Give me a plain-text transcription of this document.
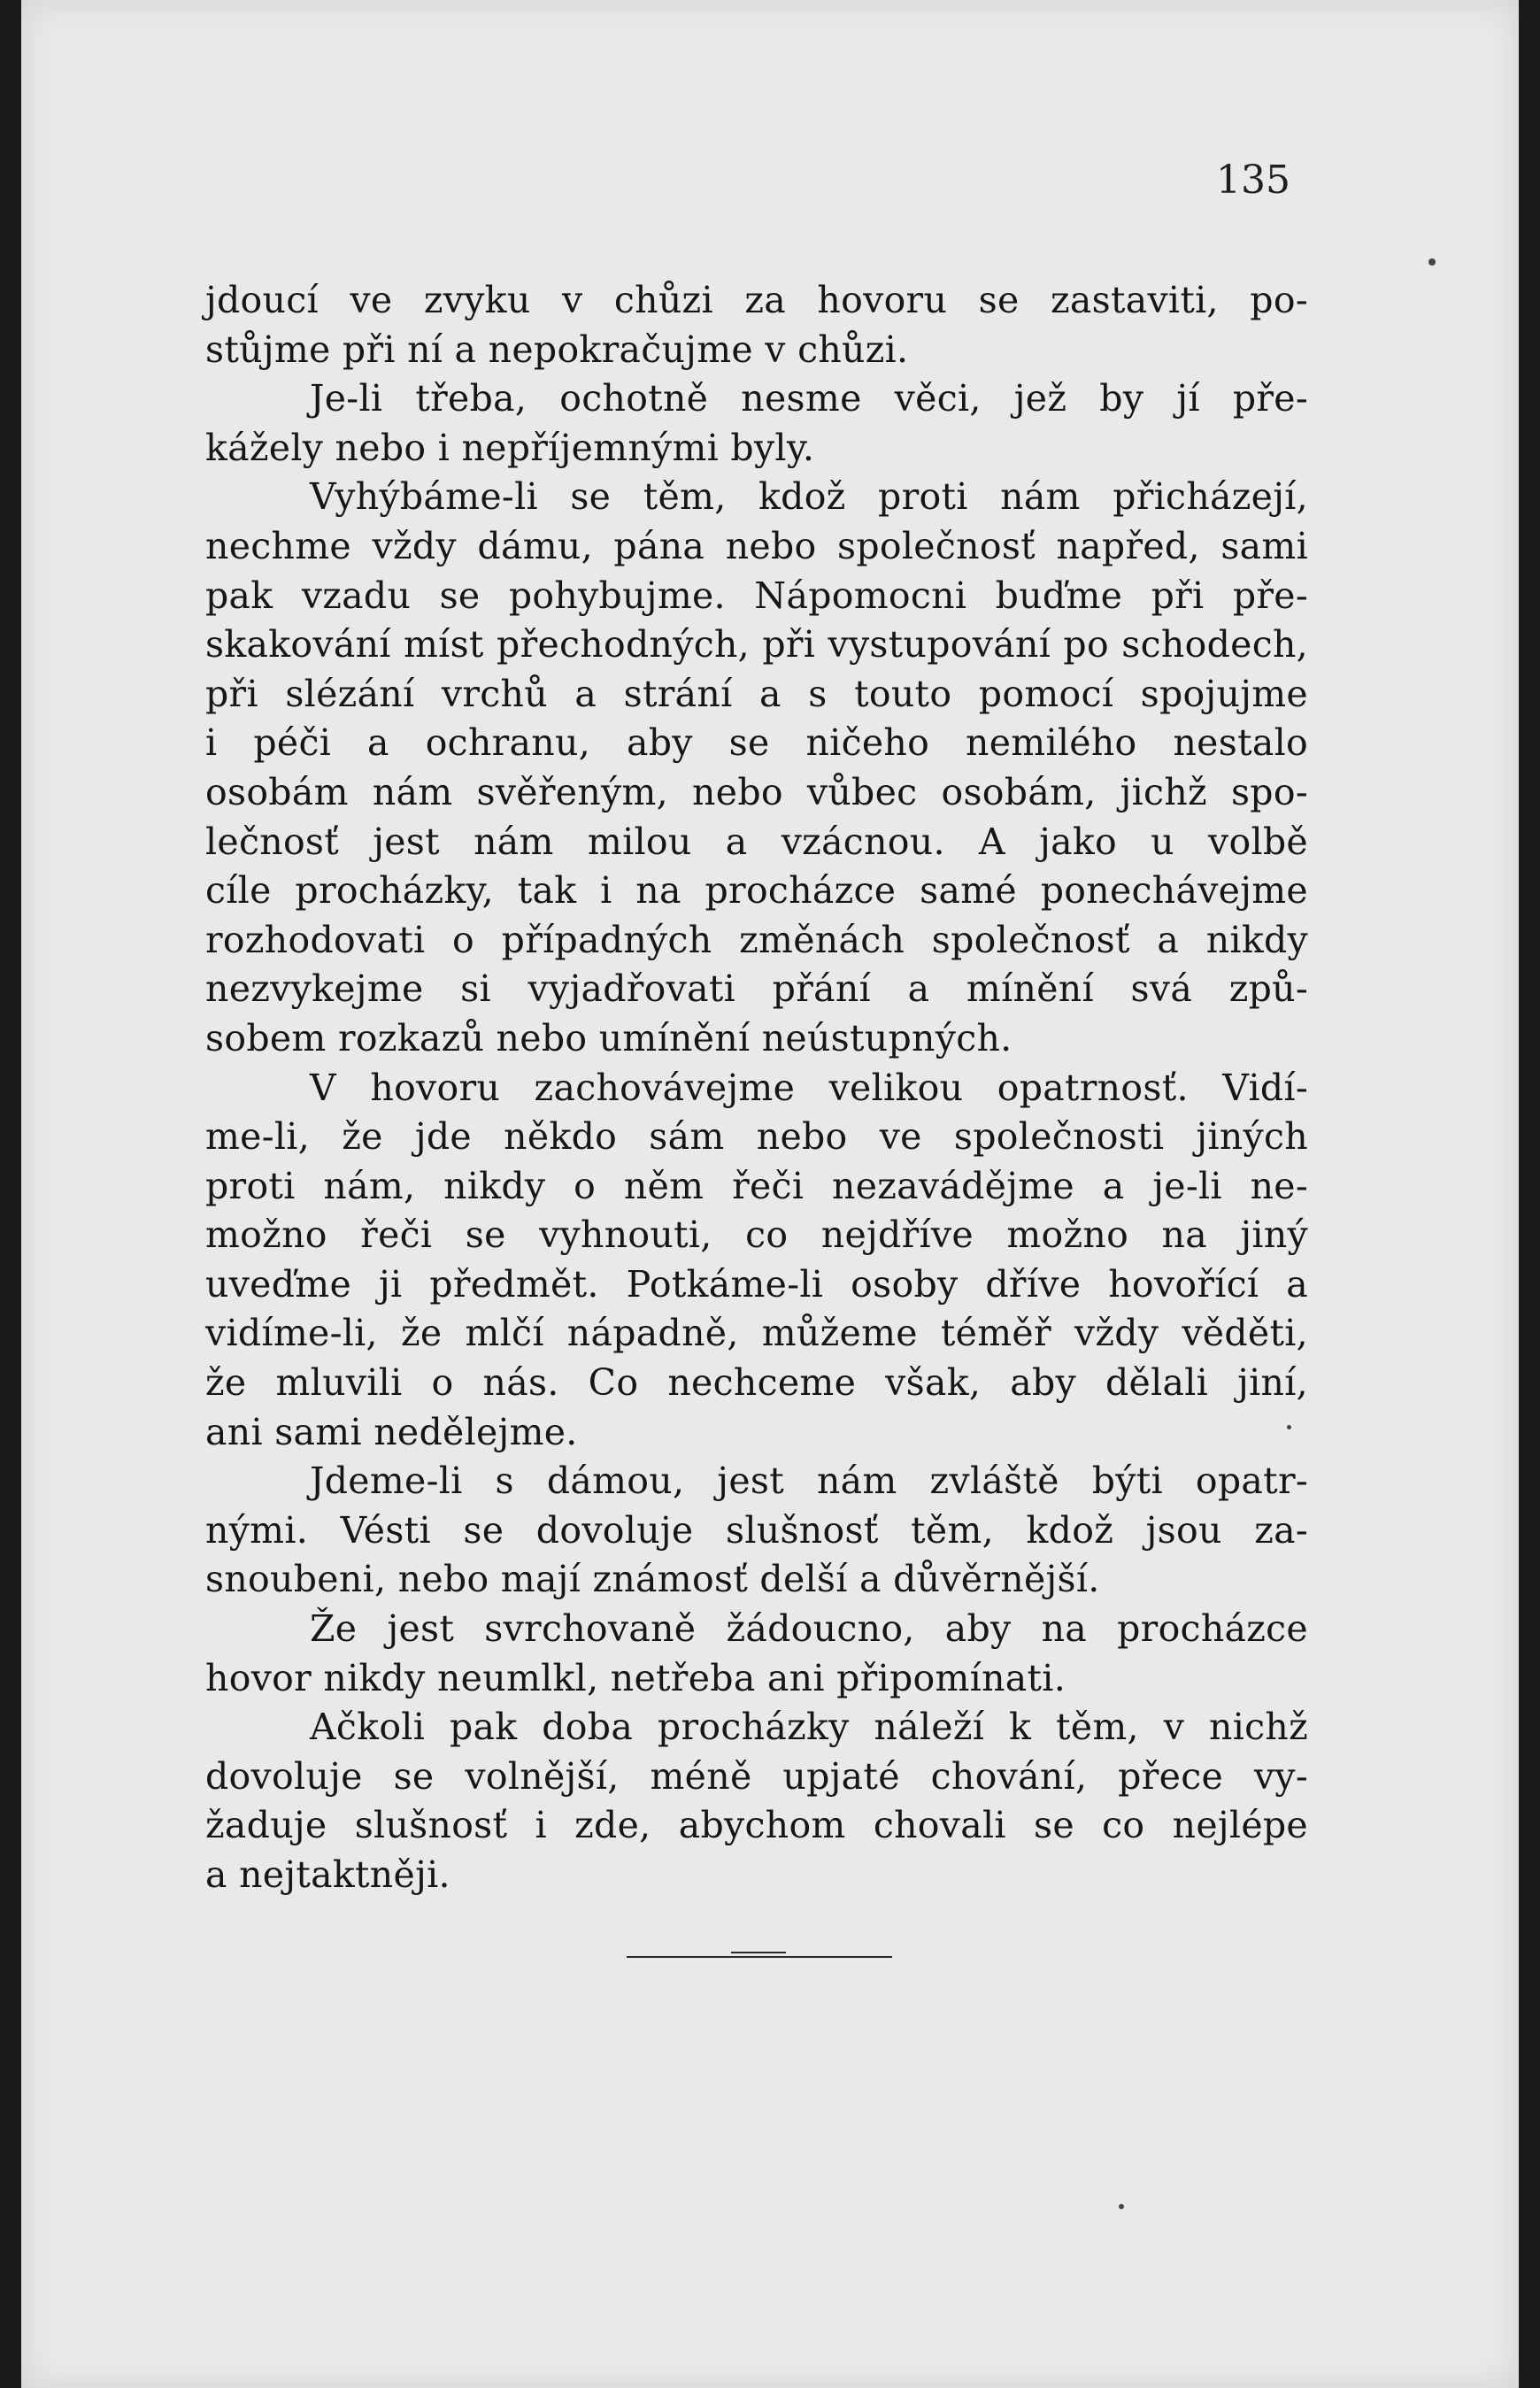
135

jdoucí ve zvyku v chůzi za hovoru se zastaviti, po-
stůjme při ní a nepokračujme v chůzi.

Je-li třeba, ochotně nesme věci, jež by jí pře-
kážely nebo i nepříjemnými byly.

Vyhýbáme-li se těm, kdož proti nám přicházejí,
nechme vždy dámu, pána nebo společnosť napřed, sami
pak vzadu se pohybujme. Nápomocni buďme při pře-
skakování míst přechodných, při vystupování po schodech,
při slézání vrchů a strání a s touto pomocí spojujme
i péči a ochranu, aby se ničeho nemilého nestalo
osobám nám svěřeným, nebo vůbec osobám, jichž spo-
lečnosť jest nám milou a vzácnou. A jako u volbě
cíle procházky, tak i na procházce samé ponechávejme
rozhodovati o případných změnách společnosť a nikdy
nezvykejme si vyjadřovati přání a mínění svá způ-
sobem rozkazů nebo umínění neústupných.

V hovoru zachovávejme velikou opatrnosť. Vidí-
me-li, že jde někdo sám nebo ve společnosti jiných
proti nám, nikdy o něm řeči nezavádějme a je-li ne-
možno řeči se vyhnouti, co nejdříve možno na jiný
uveďme ji předmět. Potkáme-li osoby dříve hovořící a
vidíme-li, že mlčí nápadně, můžeme téměř vždy věděti,
že mluvili o nás. Co nechceme však, aby dělali jiní,
ani sami nedělejme.

Jdeme-li s dámou, jest nám zvláště býti opatr-
nými. Vésti se dovoluje slušnosť těm, kdož jsou za-
snoubeni, nebo mají známosť delší a důvěrnější.

Že jest svrchovaně žádoucno, aby na procházce
hovor nikdy neumlkl, netřeba ani připomínati.

Ačkoli pak doba procházky náleží k těm, v nichž
dovoluje se volnější, méně upjaté chování, přece vy-
žaduje slušnosť i zde, abychom chovali se co nejlépe
a nejtaktněji.
